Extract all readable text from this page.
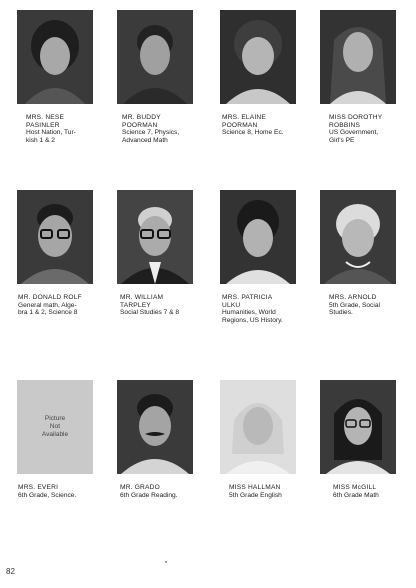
MRS. NESE
PASINLER
Host Nation, Tur-
kish 1 & 2
MR. BUDDY
POORMAN
Science 7, Physics,
Advanced Math
MRS. ELAINE
POORMAN
Science 8, Home Ec.
MISS DOROTHY
ROBBINS
US Government,
Girl's PE
MR. DONALD ROLF
General math, Alge-
bra 1 & 2, Science 8
MR. WILLIAM
TARPLEY
Social Studies 7 & 8
MRS. PATRICIA
ULKU
Humanities, World
Regions, US History.
MRS. ARNOLD
5th Grade, Social
Studies.
Picture
Not
Available
MRS. EVERI
6th Grade, Science.
MR. GRADO
6th Grade Reading.
MISS HALLMAN
5th Grade English
MISS McGILL
6th Grade Math
82
